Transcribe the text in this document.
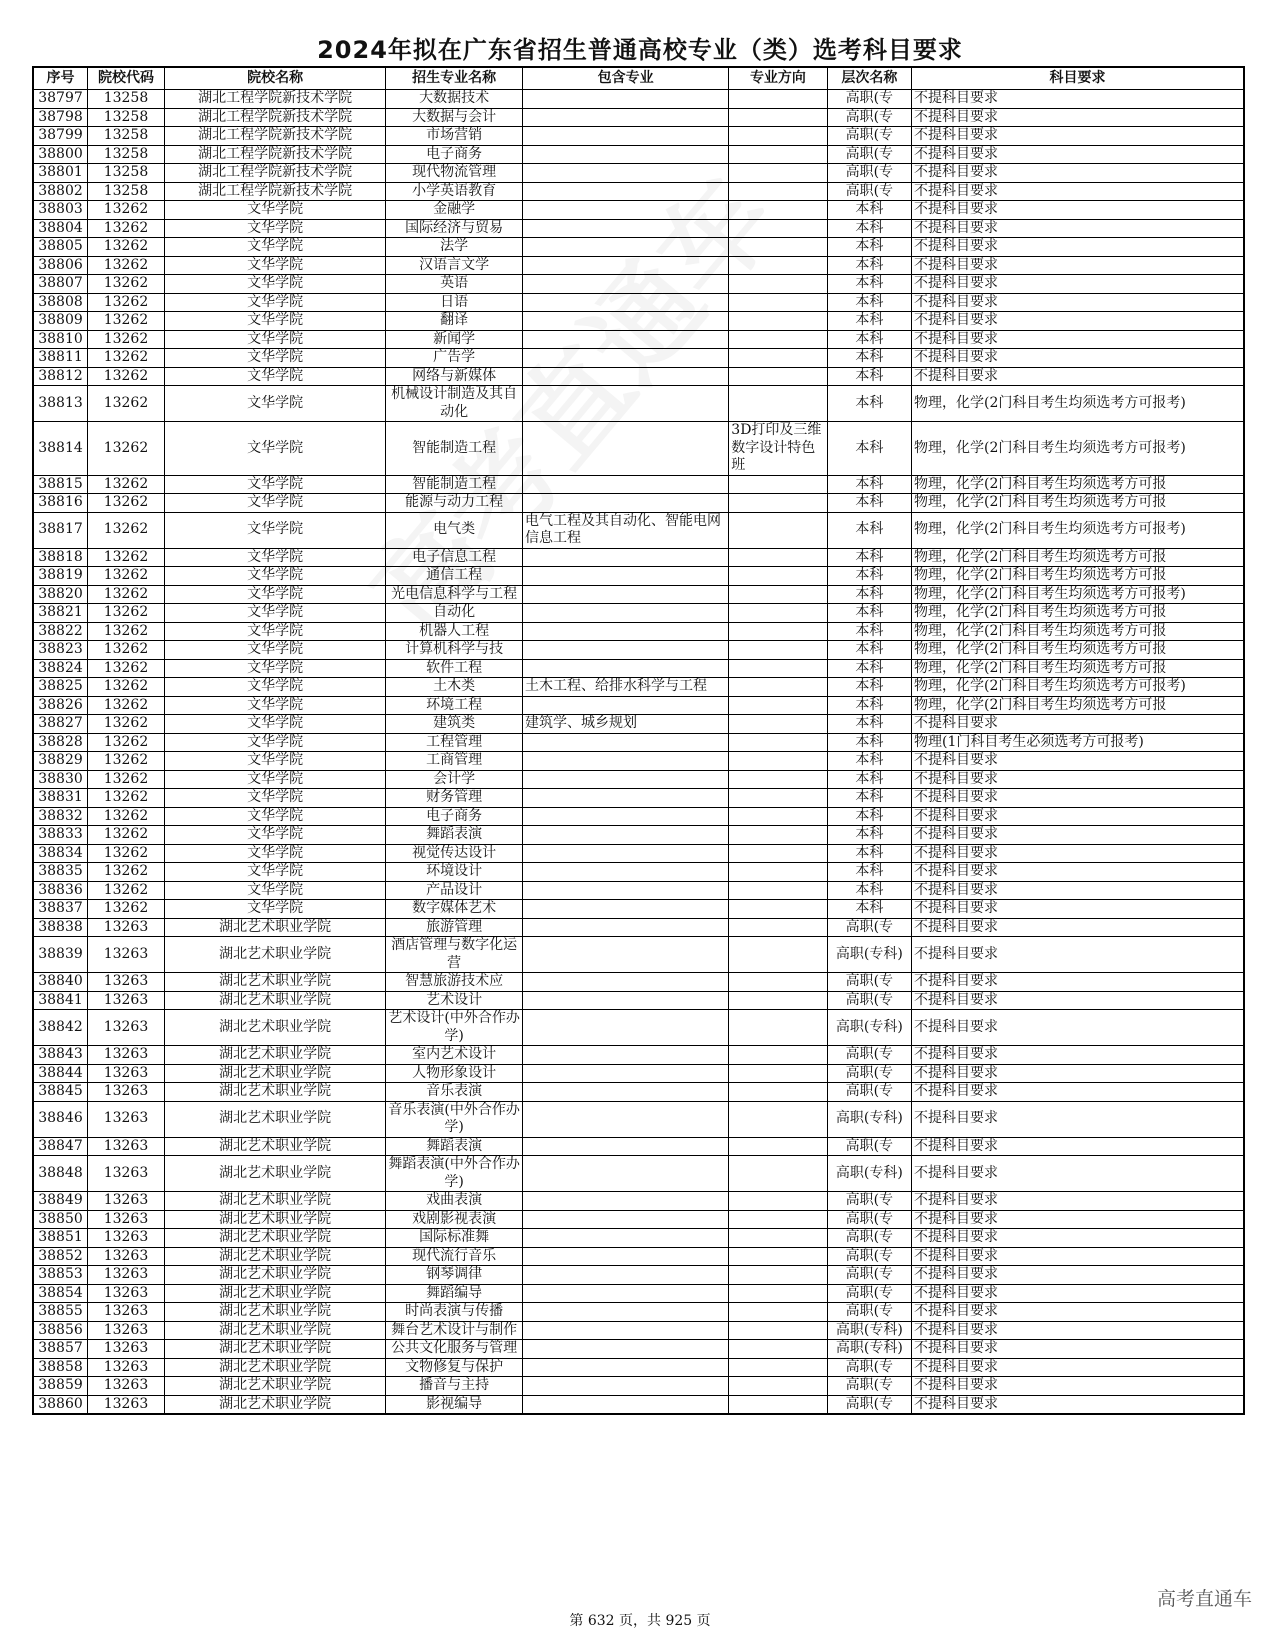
2024年拟在广东省招生普通高校专业（类）选考科目要求
序号	院校代码	院校名称	招生专业名称	包含专业	专业方向	层次名称	科目要求
38797	13258	湖北工程学院新技术学院	大数据技术			高职(专	不提科目要求
38798	13258	湖北工程学院新技术学院	大数据与会计			高职(专	不提科目要求
38799	13258	湖北工程学院新技术学院	市场营销			高职(专	不提科目要求
38800	13258	湖北工程学院新技术学院	电子商务			高职(专	不提科目要求
38801	13258	湖北工程学院新技术学院	现代物流管理			高职(专	不提科目要求
38802	13258	湖北工程学院新技术学院	小学英语教育			高职(专	不提科目要求
38803	13262	文华学院	金融学			本科	不提科目要求
38804	13262	文华学院	国际经济与贸易			本科	不提科目要求
38805	13262	文华学院	法学			本科	不提科目要求
38806	13262	文华学院	汉语言文学			本科	不提科目要求
38807	13262	文华学院	英语			本科	不提科目要求
38808	13262	文华学院	日语			本科	不提科目要求
38809	13262	文华学院	翻译			本科	不提科目要求
38810	13262	文华学院	新闻学			本科	不提科目要求
38811	13262	文华学院	广告学			本科	不提科目要求
38812	13262	文华学院	网络与新媒体			本科	不提科目要求
38813	13262	文华学院	机械设计制造及其自动化			本科	物理，化学(2门科目考生均须选考方可报考)
38814	13262	文华学院	智能制造工程		3D打印及三维数字设计特色班	本科	物理，化学(2门科目考生均须选考方可报考)
38815	13262	文华学院	智能制造工程			本科	物理，化学(2门科目考生均须选考方可报
38816	13262	文华学院	能源与动力工程			本科	物理，化学(2门科目考生均须选考方可报
38817	13262	文华学院	电气类	电气工程及其自动化、智能电网信息工程		本科	物理，化学(2门科目考生均须选考方可报考)
38818	13262	文华学院	电子信息工程			本科	物理，化学(2门科目考生均须选考方可报
38819	13262	文华学院	通信工程			本科	物理，化学(2门科目考生均须选考方可报
38820	13262	文华学院	光电信息科学与工程			本科	物理，化学(2门科目考生均须选考方可报考)
38821	13262	文华学院	自动化			本科	物理，化学(2门科目考生均须选考方可报
38822	13262	文华学院	机器人工程			本科	物理，化学(2门科目考生均须选考方可报
38823	13262	文华学院	计算机科学与技			本科	物理，化学(2门科目考生均须选考方可报
38824	13262	文华学院	软件工程			本科	物理，化学(2门科目考生均须选考方可报
38825	13262	文华学院	土木类	土木工程、给排水科学与工程		本科	物理，化学(2门科目考生均须选考方可报考)
38826	13262	文华学院	环境工程			本科	物理，化学(2门科目考生均须选考方可报
38827	13262	文华学院	建筑类	建筑学、城乡规划		本科	不提科目要求
38828	13262	文华学院	工程管理			本科	物理(1门科目考生必须选考方可报考)
38829	13262	文华学院	工商管理			本科	不提科目要求
38830	13262	文华学院	会计学			本科	不提科目要求
38831	13262	文华学院	财务管理			本科	不提科目要求
38832	13262	文华学院	电子商务			本科	不提科目要求
38833	13262	文华学院	舞蹈表演			本科	不提科目要求
38834	13262	文华学院	视觉传达设计			本科	不提科目要求
38835	13262	文华学院	环境设计			本科	不提科目要求
38836	13262	文华学院	产品设计			本科	不提科目要求
38837	13262	文华学院	数字媒体艺术			本科	不提科目要求
38838	13263	湖北艺术职业学院	旅游管理			高职(专	不提科目要求
38839	13263	湖北艺术职业学院	酒店管理与数字化运营			高职(专科)	不提科目要求
38840	13263	湖北艺术职业学院	智慧旅游技术应			高职(专	不提科目要求
38841	13263	湖北艺术职业学院	艺术设计			高职(专	不提科目要求
38842	13263	湖北艺术职业学院	艺术设计(中外合作办学)			高职(专科)	不提科目要求
38843	13263	湖北艺术职业学院	室内艺术设计			高职(专	不提科目要求
38844	13263	湖北艺术职业学院	人物形象设计			高职(专	不提科目要求
38845	13263	湖北艺术职业学院	音乐表演			高职(专	不提科目要求
38846	13263	湖北艺术职业学院	音乐表演(中外合作办学)			高职(专科)	不提科目要求
38847	13263	湖北艺术职业学院	舞蹈表演			高职(专	不提科目要求
38848	13263	湖北艺术职业学院	舞蹈表演(中外合作办学)			高职(专科)	不提科目要求
38849	13263	湖北艺术职业学院	戏曲表演			高职(专	不提科目要求
38850	13263	湖北艺术职业学院	戏剧影视表演			高职(专	不提科目要求
38851	13263	湖北艺术职业学院	国际标准舞			高职(专	不提科目要求
38852	13263	湖北艺术职业学院	现代流行音乐			高职(专	不提科目要求
38853	13263	湖北艺术职业学院	钢琴调律			高职(专	不提科目要求
38854	13263	湖北艺术职业学院	舞蹈编导			高职(专	不提科目要求
38855	13263	湖北艺术职业学院	时尚表演与传播			高职(专	不提科目要求
38856	13263	湖北艺术职业学院	舞台艺术设计与制作			高职(专科)	不提科目要求
38857	13263	湖北艺术职业学院	公共文化服务与管理			高职(专科)	不提科目要求
38858	13263	湖北艺术职业学院	文物修复与保护			高职(专	不提科目要求
38859	13263	湖北艺术职业学院	播音与主持			高职(专	不提科目要求
38860	13263	湖北艺术职业学院	影视编导			高职(专	不提科目要求
第 632 页，共 925 页
高考直通车
